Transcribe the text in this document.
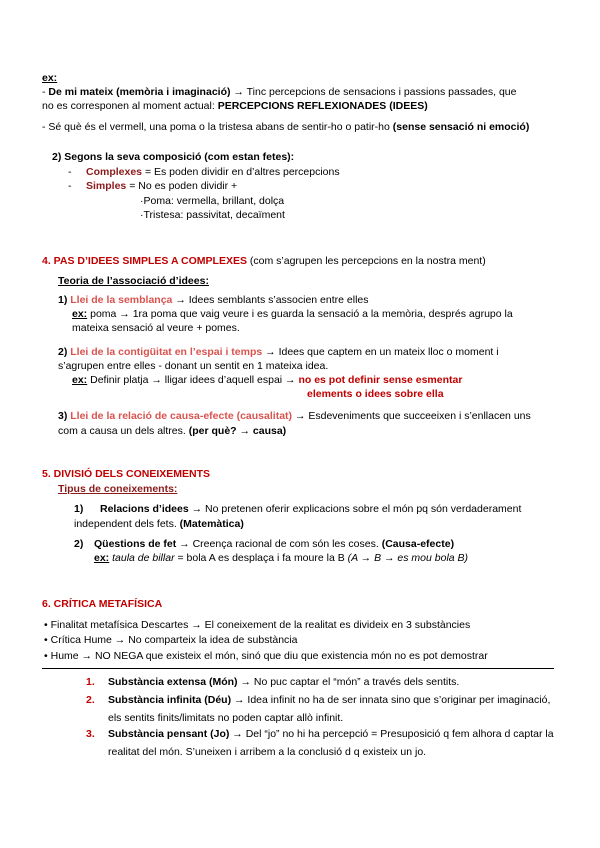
ex:
- De mi mateix (memòria i imaginació) → Tinc percepcions de sensacions i passions passades, que
no es corresponen al moment actual: PERCEPCIONS REFLEXIONADES (IDEES)
- Sé què és el vermell, una poma o la tristesa abans de sentir-ho o patir-ho (sense sensació ni emoció)
2) Segons la seva composició (com estan fetes):
- Complexes = Es poden dividir en d’altres percepcions
- Simples = No es poden dividir +
·Poma: vermella, brillant, dolça
·Tristesa: passivitat, decaïment
4. PAS D’IDEES SIMPLES A COMPLEXES (com s’agrupen les percepcions en la nostra ment)
Teoria de l’associació d’idees:
1) Llei de la semblança → Idees semblants s’associen entre elles
ex: poma → 1ra poma que vaig veure i es guarda la sensació a la memòria, després agrupo la
mateixa sensació al veure + pomes.
2) Llei de la contigüitat en l’espai i temps → Idees que captem en un mateix lloc o moment i
s’agrupen entre elles - donant un sentit en 1 mateixa idea.
ex: Definir platja → lligar idees d’aquell espai → no es pot definir sense esmentar
elements o idees sobre ella
3) Llei de la relació de causa-efecte (causalitat) → Esdeveniments que succeeixen i s’enllacen uns
com a causa un dels altres. (per què? → causa)
5. DIVISIÓ DELS CONEIXEMENTS
Tipus de coneixements:
1) Relacions d’idees → No pretenen oferir explicacions sobre el món pq són verdaderament
independent dels fets. (Matemàtica)
2) Qüestions de fet → Creença racional de com són les coses. (Causa-efecte)
ex: taula de billar = bola A es desplaça i fa moure la B (A → B → es mou bola B)
6. CRÍTICA METAFÍSICA
• Finalitat metafísica Descartes → El coneixement de la realitat es divideix en 3 substàncies
• Crítica Hume → No comparteix la idea de substància
• Hume → NO NEGA que existeix el món, sinó que diu que existencia món no es pot demostrar
1. Substància extensa (Món) → No puc captar el “món” a través dels sentits.
2. Substància infinita (Déu) → Idea infinit no ha de ser innata sino que s’originar per imaginació,
els sentits finits/limitats no poden captar allò infinit.
3. Substància pensant (Jo) → Del “jo” no hi ha percepció = Presuposició q fem alhora d captar la
realitat del món. S’uneixen i arribem a la conclusió d q existeix un jo.
